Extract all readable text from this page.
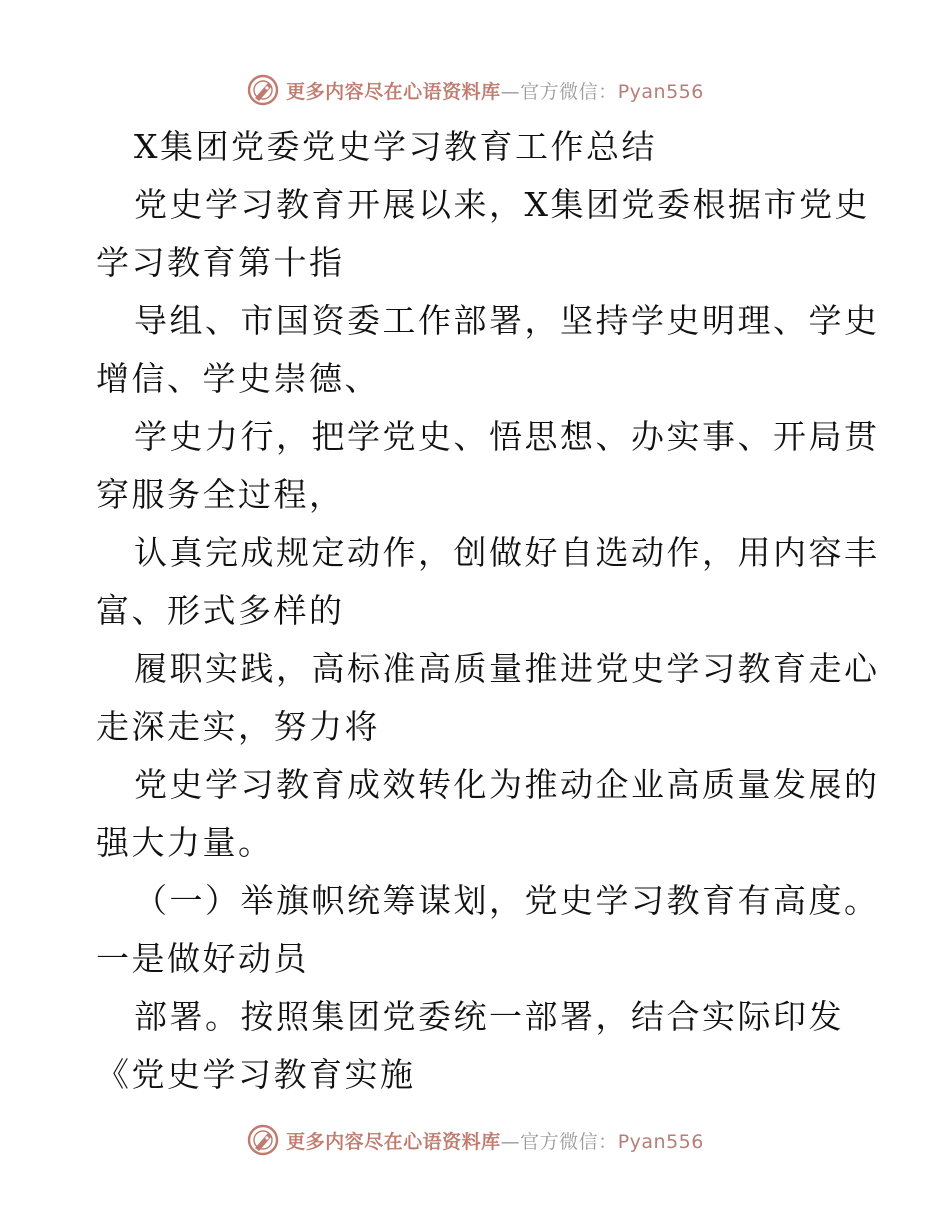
更多内容尽在心语资料库—官方微信：Pyan556
X集团党委党史学习教育工作总结
党史学习教育开展以来，X集团党委根据市党史
学习教育第十指
导组、市国资委工作部署，坚持学史明理、学史
增信、学史崇德、
学史力行，把学党史、悟思想、办实事、开局贯
穿服务全过程，
认真完成规定动作，创做好自选动作，用内容丰
富、形式多样的
履职实践，高标准高质量推进党史学习教育走心
走深走实，努力将
党史学习教育成效转化为推动企业高质量发展的
强大力量。
（一）举旗帜统筹谋划，党史学习教育有高度。
一是做好动员
部署。按照集团党委统一部署，结合实际印发
《党史学习教育实施
更多内容尽在心语资料库—官方微信：Pyan556
